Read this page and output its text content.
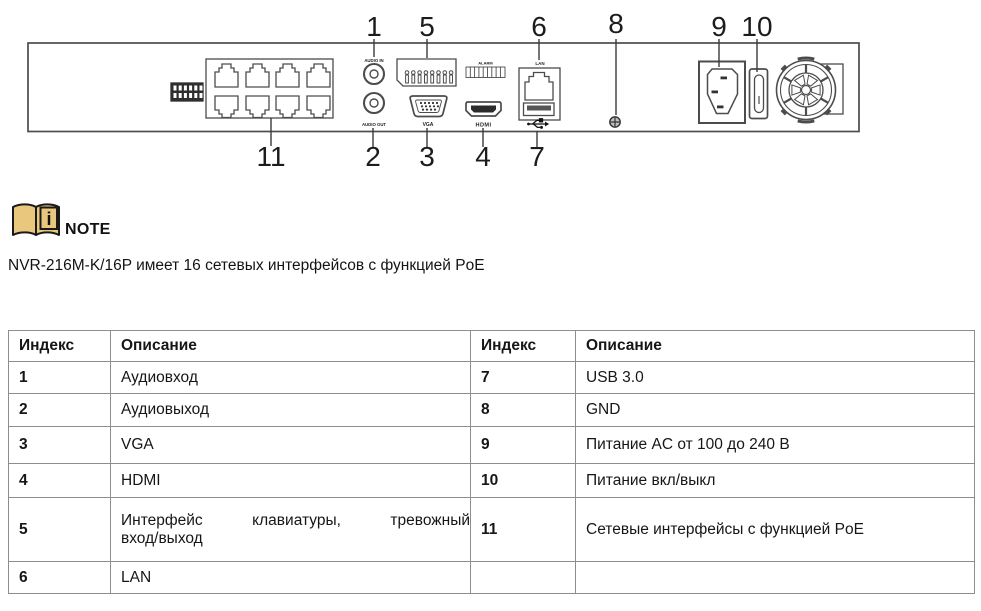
AUDIO IN
AUDIO OUT	VGA	HDMI
ALARM	LAN
1 5	6 8	9 10
11	2 3 4 7
i
NOTE
NVR-216M-K/16P имеет 16 сетевых интерфейсов с функцией PoE
Индекс	Описание	Индекс	Описание
1	Аудиовход	7	USB 3.0
2	Аудиовыход	8	GND
3	VGA	9	Питание AC от 100 до 240 В
4	HDMI	10	Питание вкл/выкл
5	Интерфейс клавиатуры, тревожный
вход/выход	11	Сетевые интерфейсы с функцией PoE
6	LAN		
